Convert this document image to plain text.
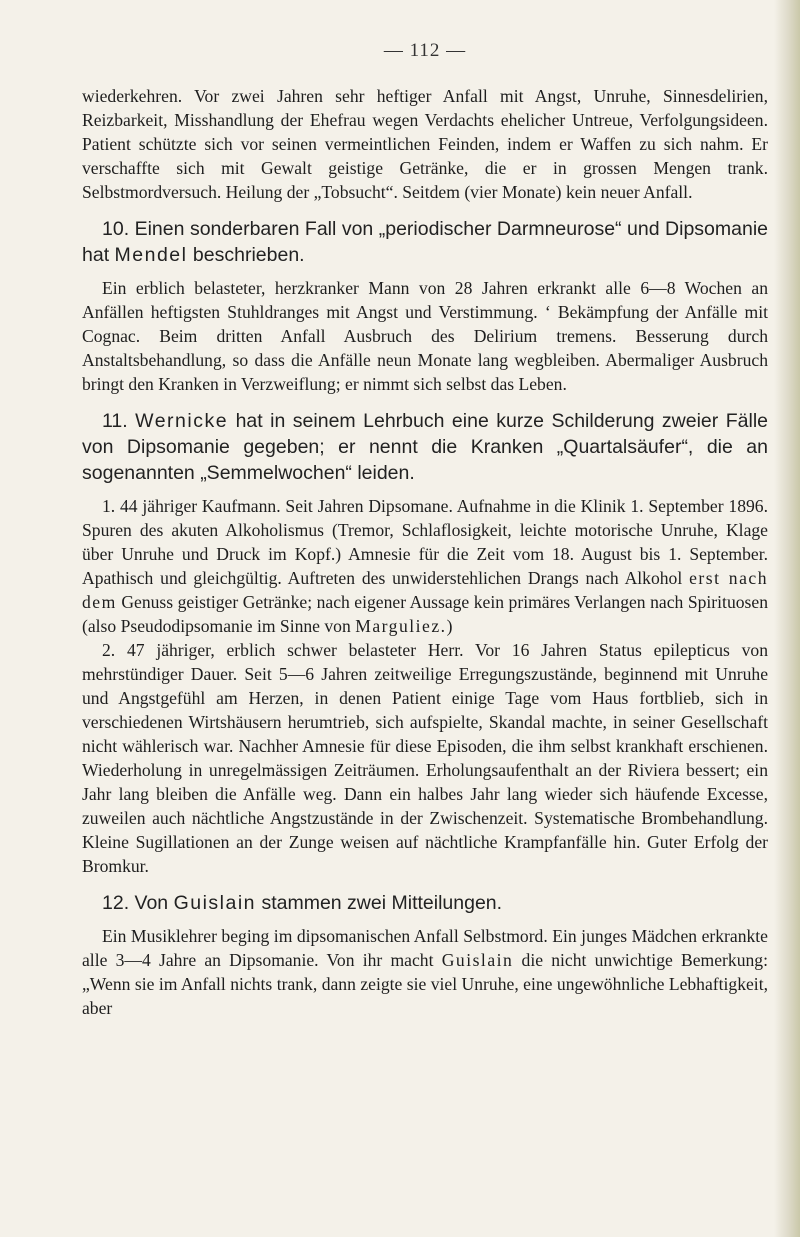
— 112 —

wiederkehren. Vor zwei Jahren sehr heftiger Anfall mit Angst, Unruhe, Sinnesdelirien, Reizbarkeit, Misshandlung der Ehefrau wegen Verdachts ehelicher Untreue, Verfolgungsideen. Patient schützte sich vor seinen vermeintlichen Feinden, indem er Waffen zu sich nahm. Er verschaffte sich mit Gewalt geistige Getränke, die er in grossen Mengen trank. Selbstmordversuch. Heilung der „Tobsucht“. Seitdem (vier Monate) kein neuer Anfall.

10. Einen sonderbaren Fall von „periodischer Darmneurose“ und Dipsomanie hat Mendel beschrieben.

Ein erblich belasteter, herzkranker Mann von 28 Jahren erkrankt alle 6—8 Wochen an Anfällen heftigsten Stuhldranges mit Angst und Verstimmung. ‘ Bekämpfung der Anfälle mit Cognac. Beim dritten Anfall Ausbruch des Delirium tremens. Besserung durch Anstaltsbehandlung, so dass die Anfälle neun Monate lang wegbleiben. Abermaliger Ausbruch bringt den Kranken in Verzweiflung; er nimmt sich selbst das Leben.

11. Wernicke hat in seinem Lehrbuch eine kurze Schilderung zweier Fälle von Dipsomanie gegeben; er nennt die Kranken „Quartalsäufer“, die an sogenannten „Semmelwochen“ leiden.

1. 44 jähriger Kaufmann. Seit Jahren Dipsomane. Aufnahme in die Klinik 1. September 1896. Spuren des akuten Alkoholismus (Tremor, Schlaflosigkeit, leichte motorische Unruhe, Klage über Unruhe und Druck im Kopf.) Amnesie für die Zeit vom 18. August bis 1. September. Apathisch und gleichgültig. Auftreten des unwiderstehlichen Drangs nach Alkohol erst nach dem Genuss geistiger Getränke; nach eigener Aussage kein primäres Verlangen nach Spirituosen (also Pseudodipsomanie im Sinne von Marguliez.)

2. 47 jähriger, erblich schwer belasteter Herr. Vor 16 Jahren Status epilepticus von mehrstündiger Dauer. Seit 5—6 Jahren zeitweilige Erregungszustände, beginnend mit Unruhe und Angstgefühl am Herzen, in denen Patient einige Tage vom Haus fortblieb, sich in verschiedenen Wirtshäusern herumtrieb, sich aufspielte, Skandal machte, in seiner Gesellschaft nicht wählerisch war. Nachher Amnesie für diese Episoden, die ihm selbst krankhaft erschienen. Wiederholung in unregelmässigen Zeiträumen. Erholungsaufenthalt an der Riviera bessert; ein Jahr lang bleiben die Anfälle weg. Dann ein halbes Jahr lang wieder sich häufende Excesse, zuweilen auch nächtliche Angstzustände in der Zwischenzeit. Systematische Brombehandlung. Kleine Sugillationen an der Zunge weisen auf nächtliche Krampfanfälle hin. Guter Erfolg der Bromkur.

12. Von Guislain stammen zwei Mitteilungen.

Ein Musiklehrer beging im dipsomanischen Anfall Selbstmord. Ein junges Mädchen erkrankte alle 3—4 Jahre an Dipsomanie. Von ihr macht Guislain die nicht unwichtige Bemerkung: „Wenn sie im Anfall nichts trank, dann zeigte sie viel Unruhe, eine ungewöhnliche Lebhaftigkeit, aber
